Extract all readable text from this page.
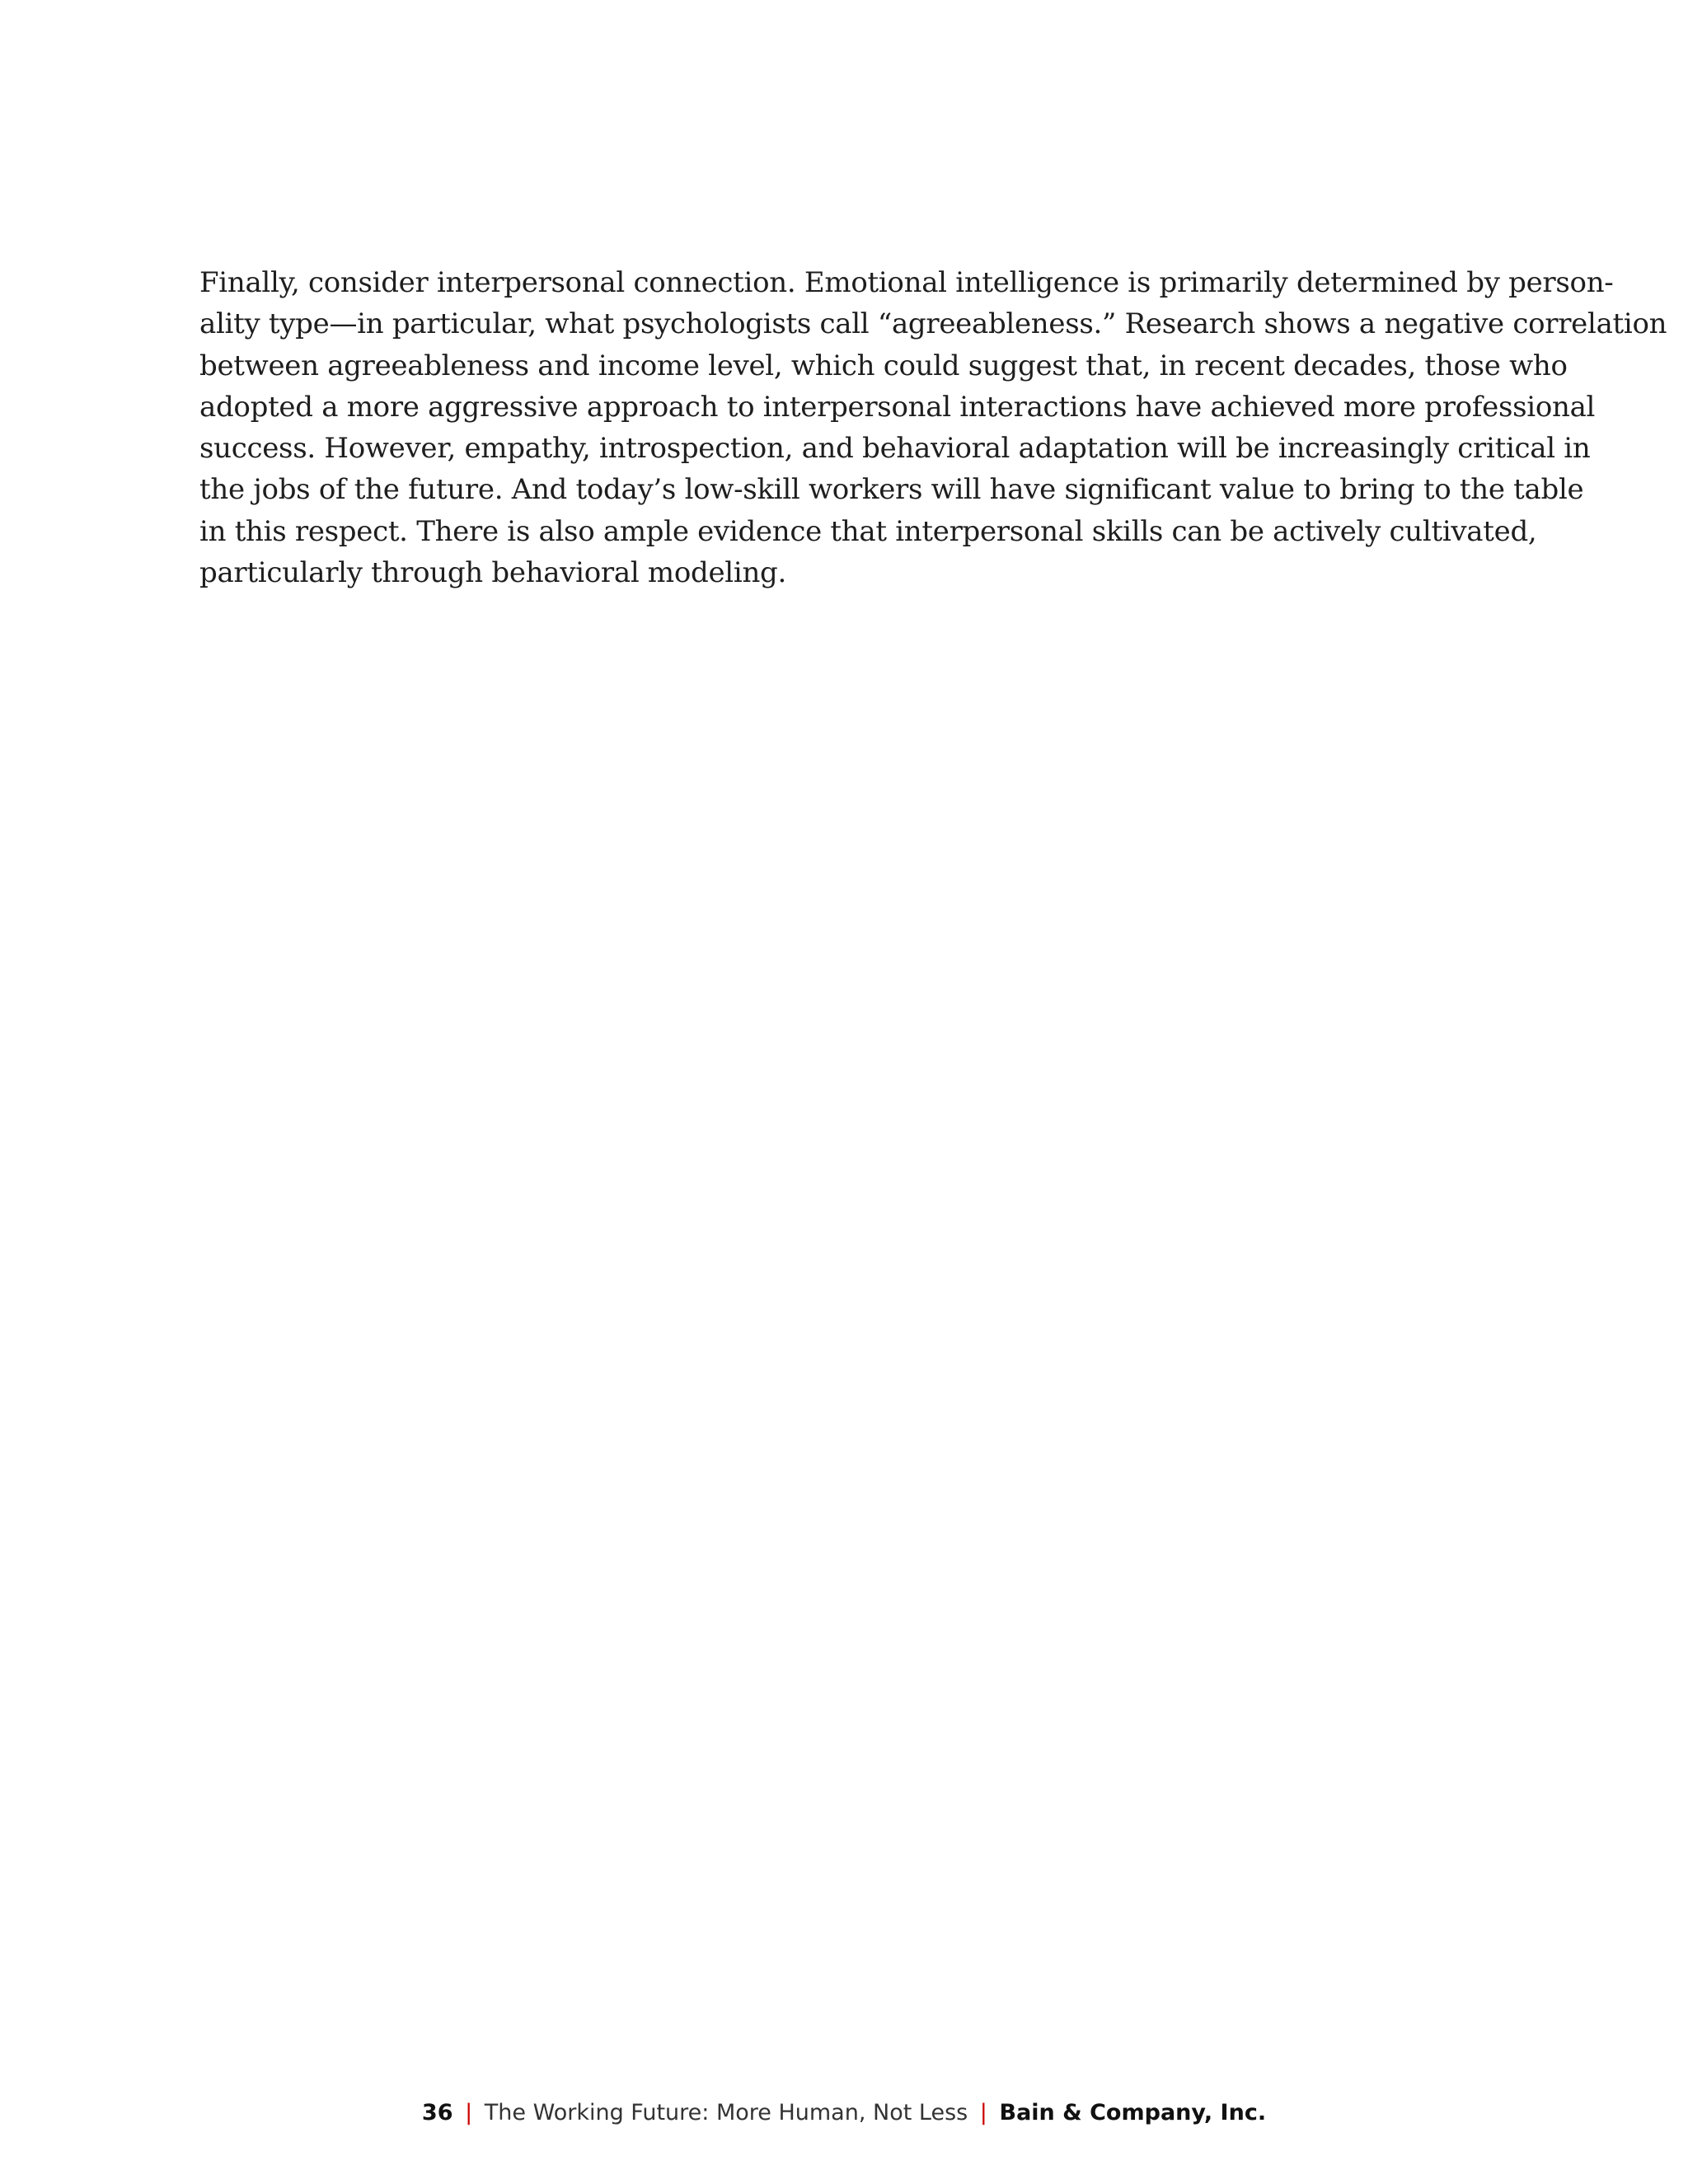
Finally, consider interpersonal connection. Emotional intelligence is primarily determined by person-
ality type—in particular, what psychologists call “agreeableness.” Research shows a negative correlation
between agreeableness and income level, which could suggest that, in recent decades, those who
adopted a more aggressive approach to interpersonal interactions have achieved more professional
success. However, empathy, introspection, and behavioral adaptation will be increasingly critical in
the jobs of the future. And today’s low-skill workers will have significant value to bring to the table
in this respect. There is also ample evidence that interpersonal skills can be actively cultivated,
particularly through behavioral modeling.
36 | The Working Future: More Human, Not Less | Bain & Company, Inc.
